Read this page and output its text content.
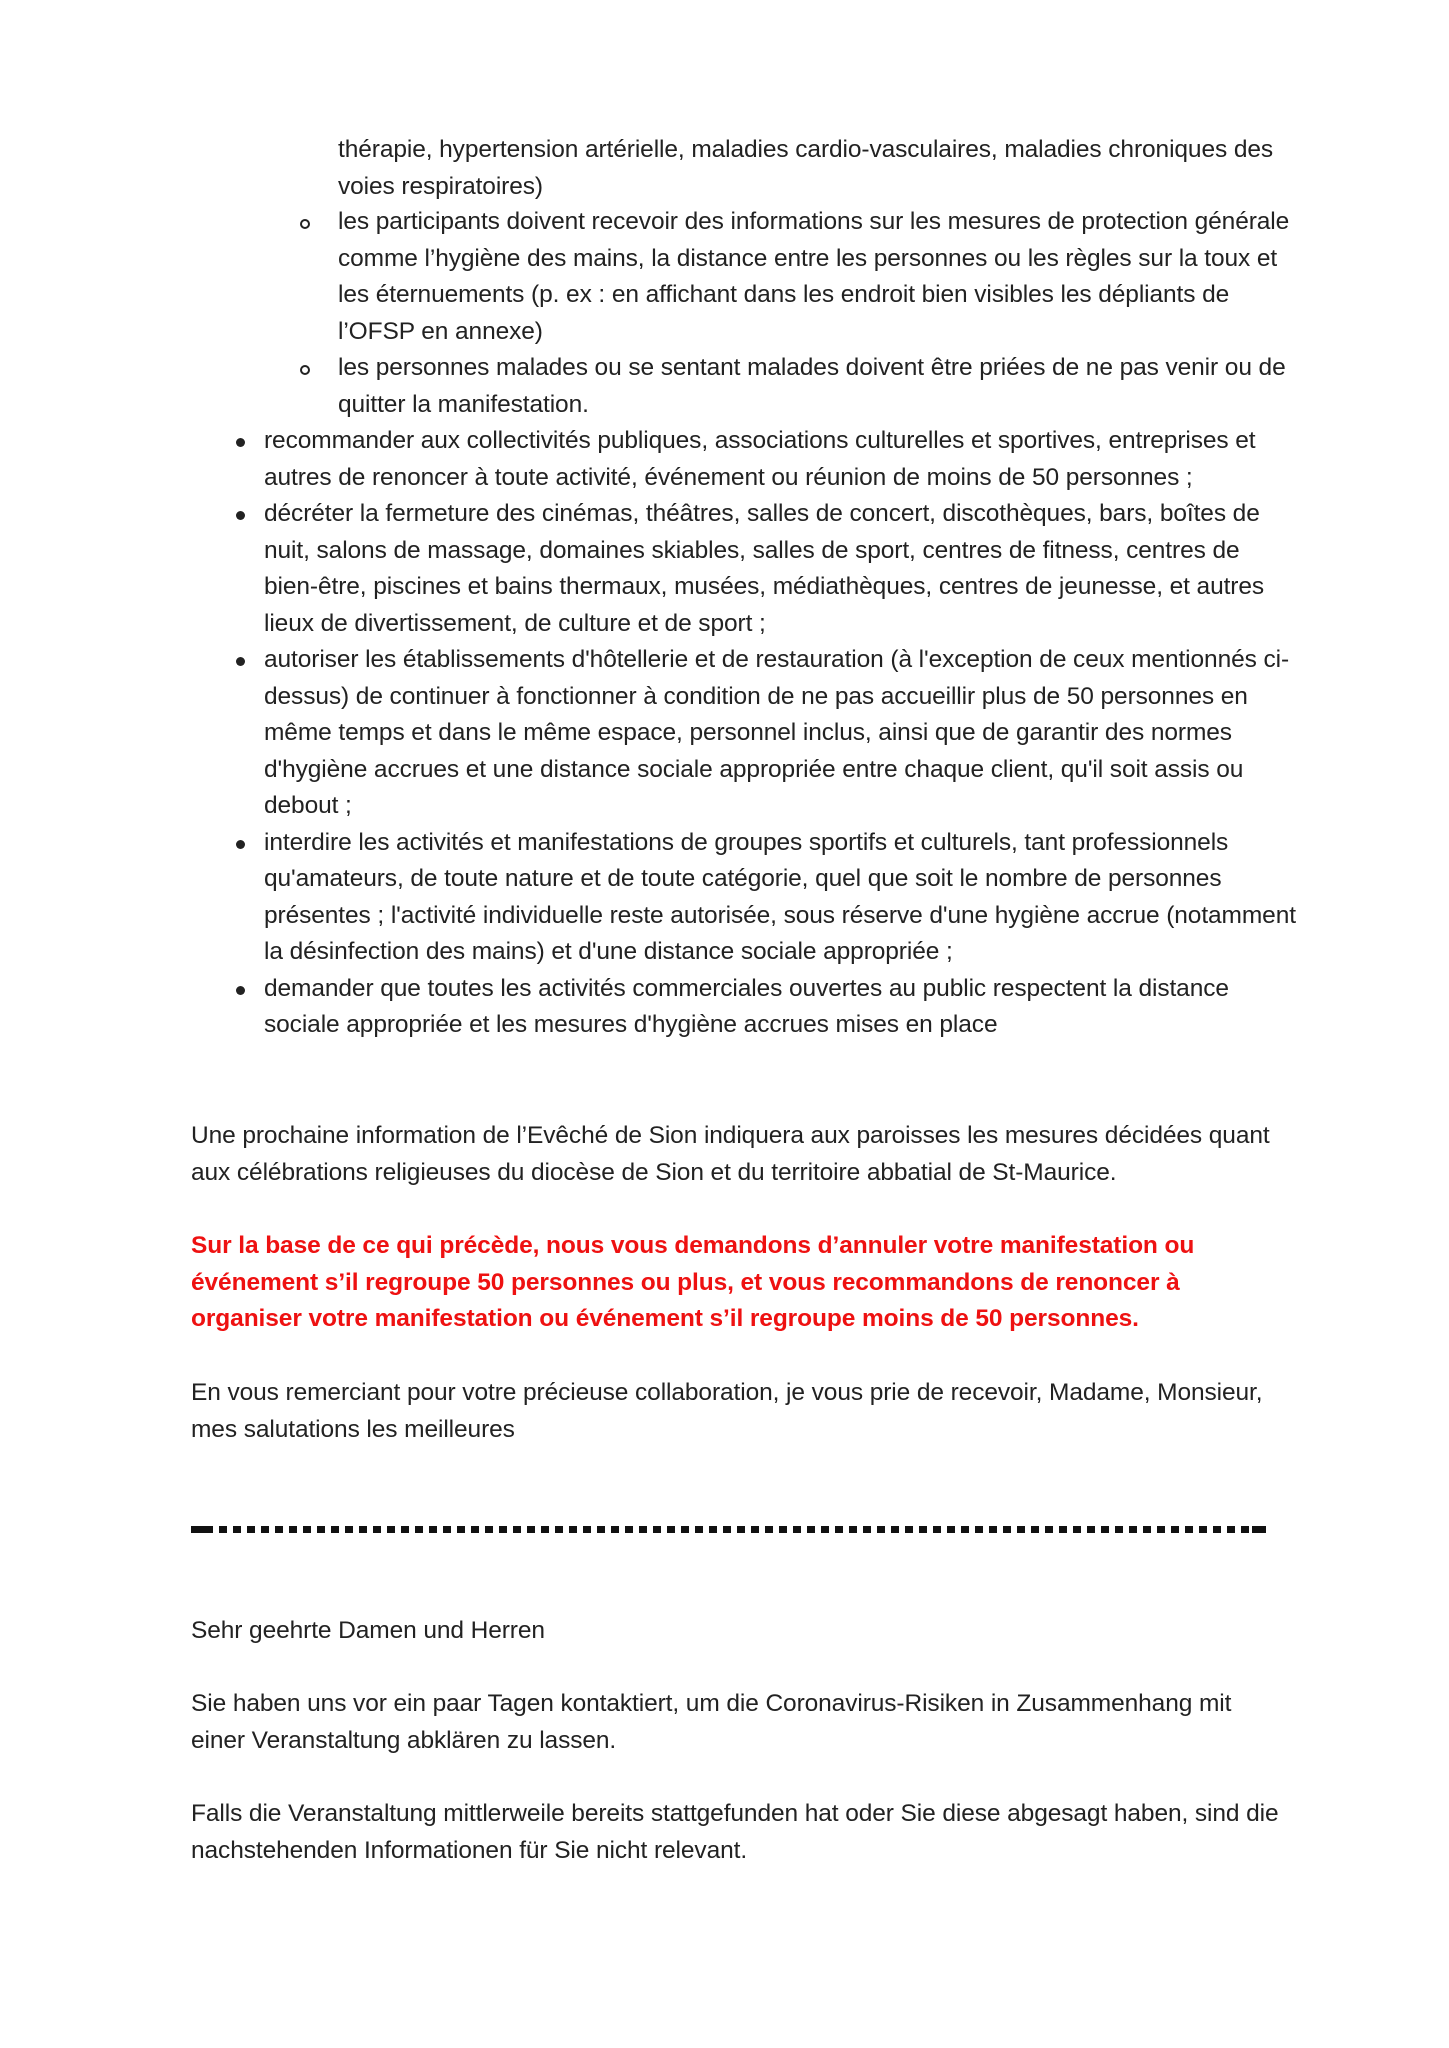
thérapie, hypertension artérielle, maladies cardio-vasculaires, maladies chroniques des voies respiratoires)
les participants doivent recevoir des informations sur les mesures de protection générale comme l’hygiène des mains, la distance entre les personnes ou les règles sur la toux et les éternuements (p. ex : en affichant dans les endroit bien visibles les dépliants de l’OFSP en annexe)
les personnes malades ou se sentant malades doivent être priées de ne pas venir ou de quitter la manifestation.
recommander aux collectivités publiques, associations culturelles et sportives, entreprises et autres de renoncer à toute activité, événement ou réunion de moins de 50 personnes ;
décréter la fermeture des cinémas, théâtres, salles de concert, discothèques, bars, boîtes de nuit, salons de massage, domaines skiables, salles de sport, centres de fitness, centres de bien-être, piscines et bains thermaux, musées, médiathèques, centres de jeunesse, et autres lieux de divertissement, de culture et de sport ;
autoriser les établissements d'hôtellerie et de restauration (à l'exception de ceux mentionnés ci-dessus) de continuer à fonctionner à condition de ne pas accueillir plus de 50 personnes en même temps et dans le même espace, personnel inclus, ainsi que de garantir des normes d'hygiène accrues et une distance sociale appropriée entre chaque client, qu'il soit assis ou debout ;
interdire les activités et manifestations de groupes sportifs et culturels, tant professionnels qu'amateurs, de toute nature et de toute catégorie, quel que soit le nombre de personnes présentes ; l'activité individuelle reste autorisée, sous réserve d'une hygiène accrue (notamment la désinfection des mains) et d'une distance sociale appropriée ;
demander que toutes les activités commerciales ouvertes au public respectent la distance sociale appropriée et les mesures d'hygiène accrues mises en place

Une prochaine information de l’Evêché de Sion indiquera aux paroisses les mesures décidées quant aux célébrations religieuses du diocèse de Sion et du territoire abbatial de St-Maurice.

Sur la base de ce qui précède, nous vous demandons d’annuler votre manifestation ou événement s’il regroupe 50 personnes ou plus, et vous recommandons de renoncer à organiser votre manifestation ou événement s’il regroupe moins de 50 personnes.

En vous remerciant pour votre précieuse collaboration, je vous prie de recevoir, Madame, Monsieur, mes salutations les meilleures

Sehr geehrte Damen und Herren

Sie haben uns vor ein paar Tagen kontaktiert, um die Coronavirus-Risiken in Zusammenhang mit einer Veranstaltung abklären zu lassen.

Falls die Veranstaltung mittlerweile bereits stattgefunden hat oder Sie diese abgesagt haben, sind die nachstehenden Informationen für Sie nicht relevant.
